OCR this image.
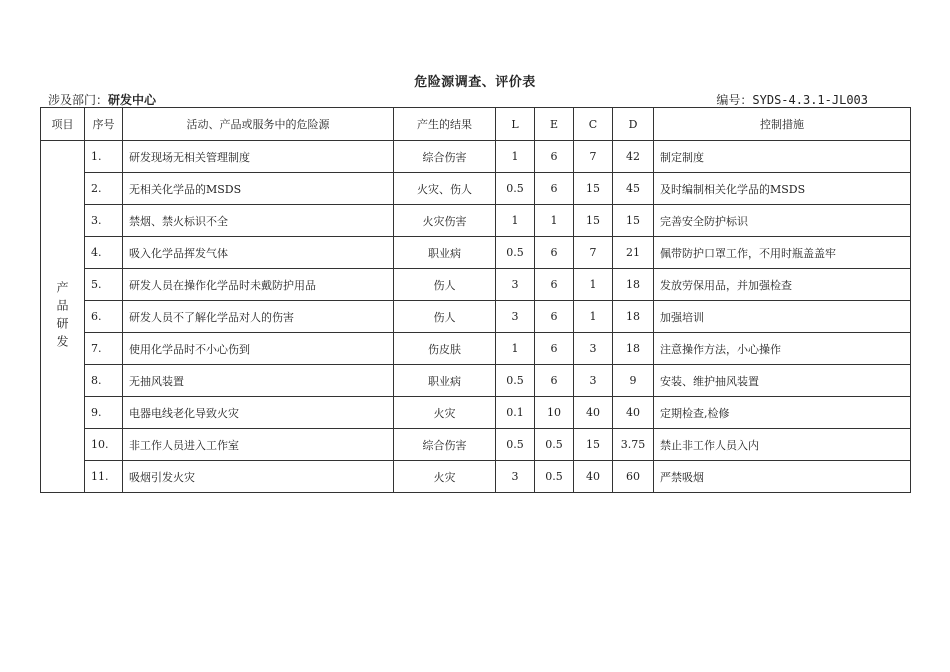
危险源调查、评价表
涉及部门：研发中心	编号：SYDS-4.3.1-JL003
项目	序号	活动、产品或服务中的危险源	产生的结果	L	E	C	D	控制措施
产品研发	1.	研发现场无相关管理制度	综合伤害	1	6	7	42	制定制度
	2.	无相关化学品的MSDS	火灾、伤人	0.5	6	15	45	及时编制相关化学品的MSDS
	3.	禁烟、禁火标识不全	火灾伤害	1	1	15	15	完善安全防护标识
	4.	吸入化学品挥发气体	职业病	0.5	6	7	21	佩带防护口罩工作，不用时瓶盖盖牢
	5.	研发人员在操作化学品时未戴防护用品	伤人	3	6	1	18	发放劳保用品，并加强检查
	6.	研发人员不了解化学品对人的伤害	伤人	3	6	1	18	加强培训
	7.	使用化学品时不小心伤到	伤皮肤	1	6	3	18	注意操作方法，小心操作
	8.	无抽风装置	职业病	0.5	6	3	9	安装、维护抽风装置
	9.	电器电线老化导致火灾	火灾	0.1	10	40	40	定期检查,检修
	10.	非工作人员进入工作室	综合伤害	0.5	0.5	15	3.75	禁止非工作人员入内
	11.	吸烟引发火灾	火灾	3	0.5	40	60	严禁吸烟
